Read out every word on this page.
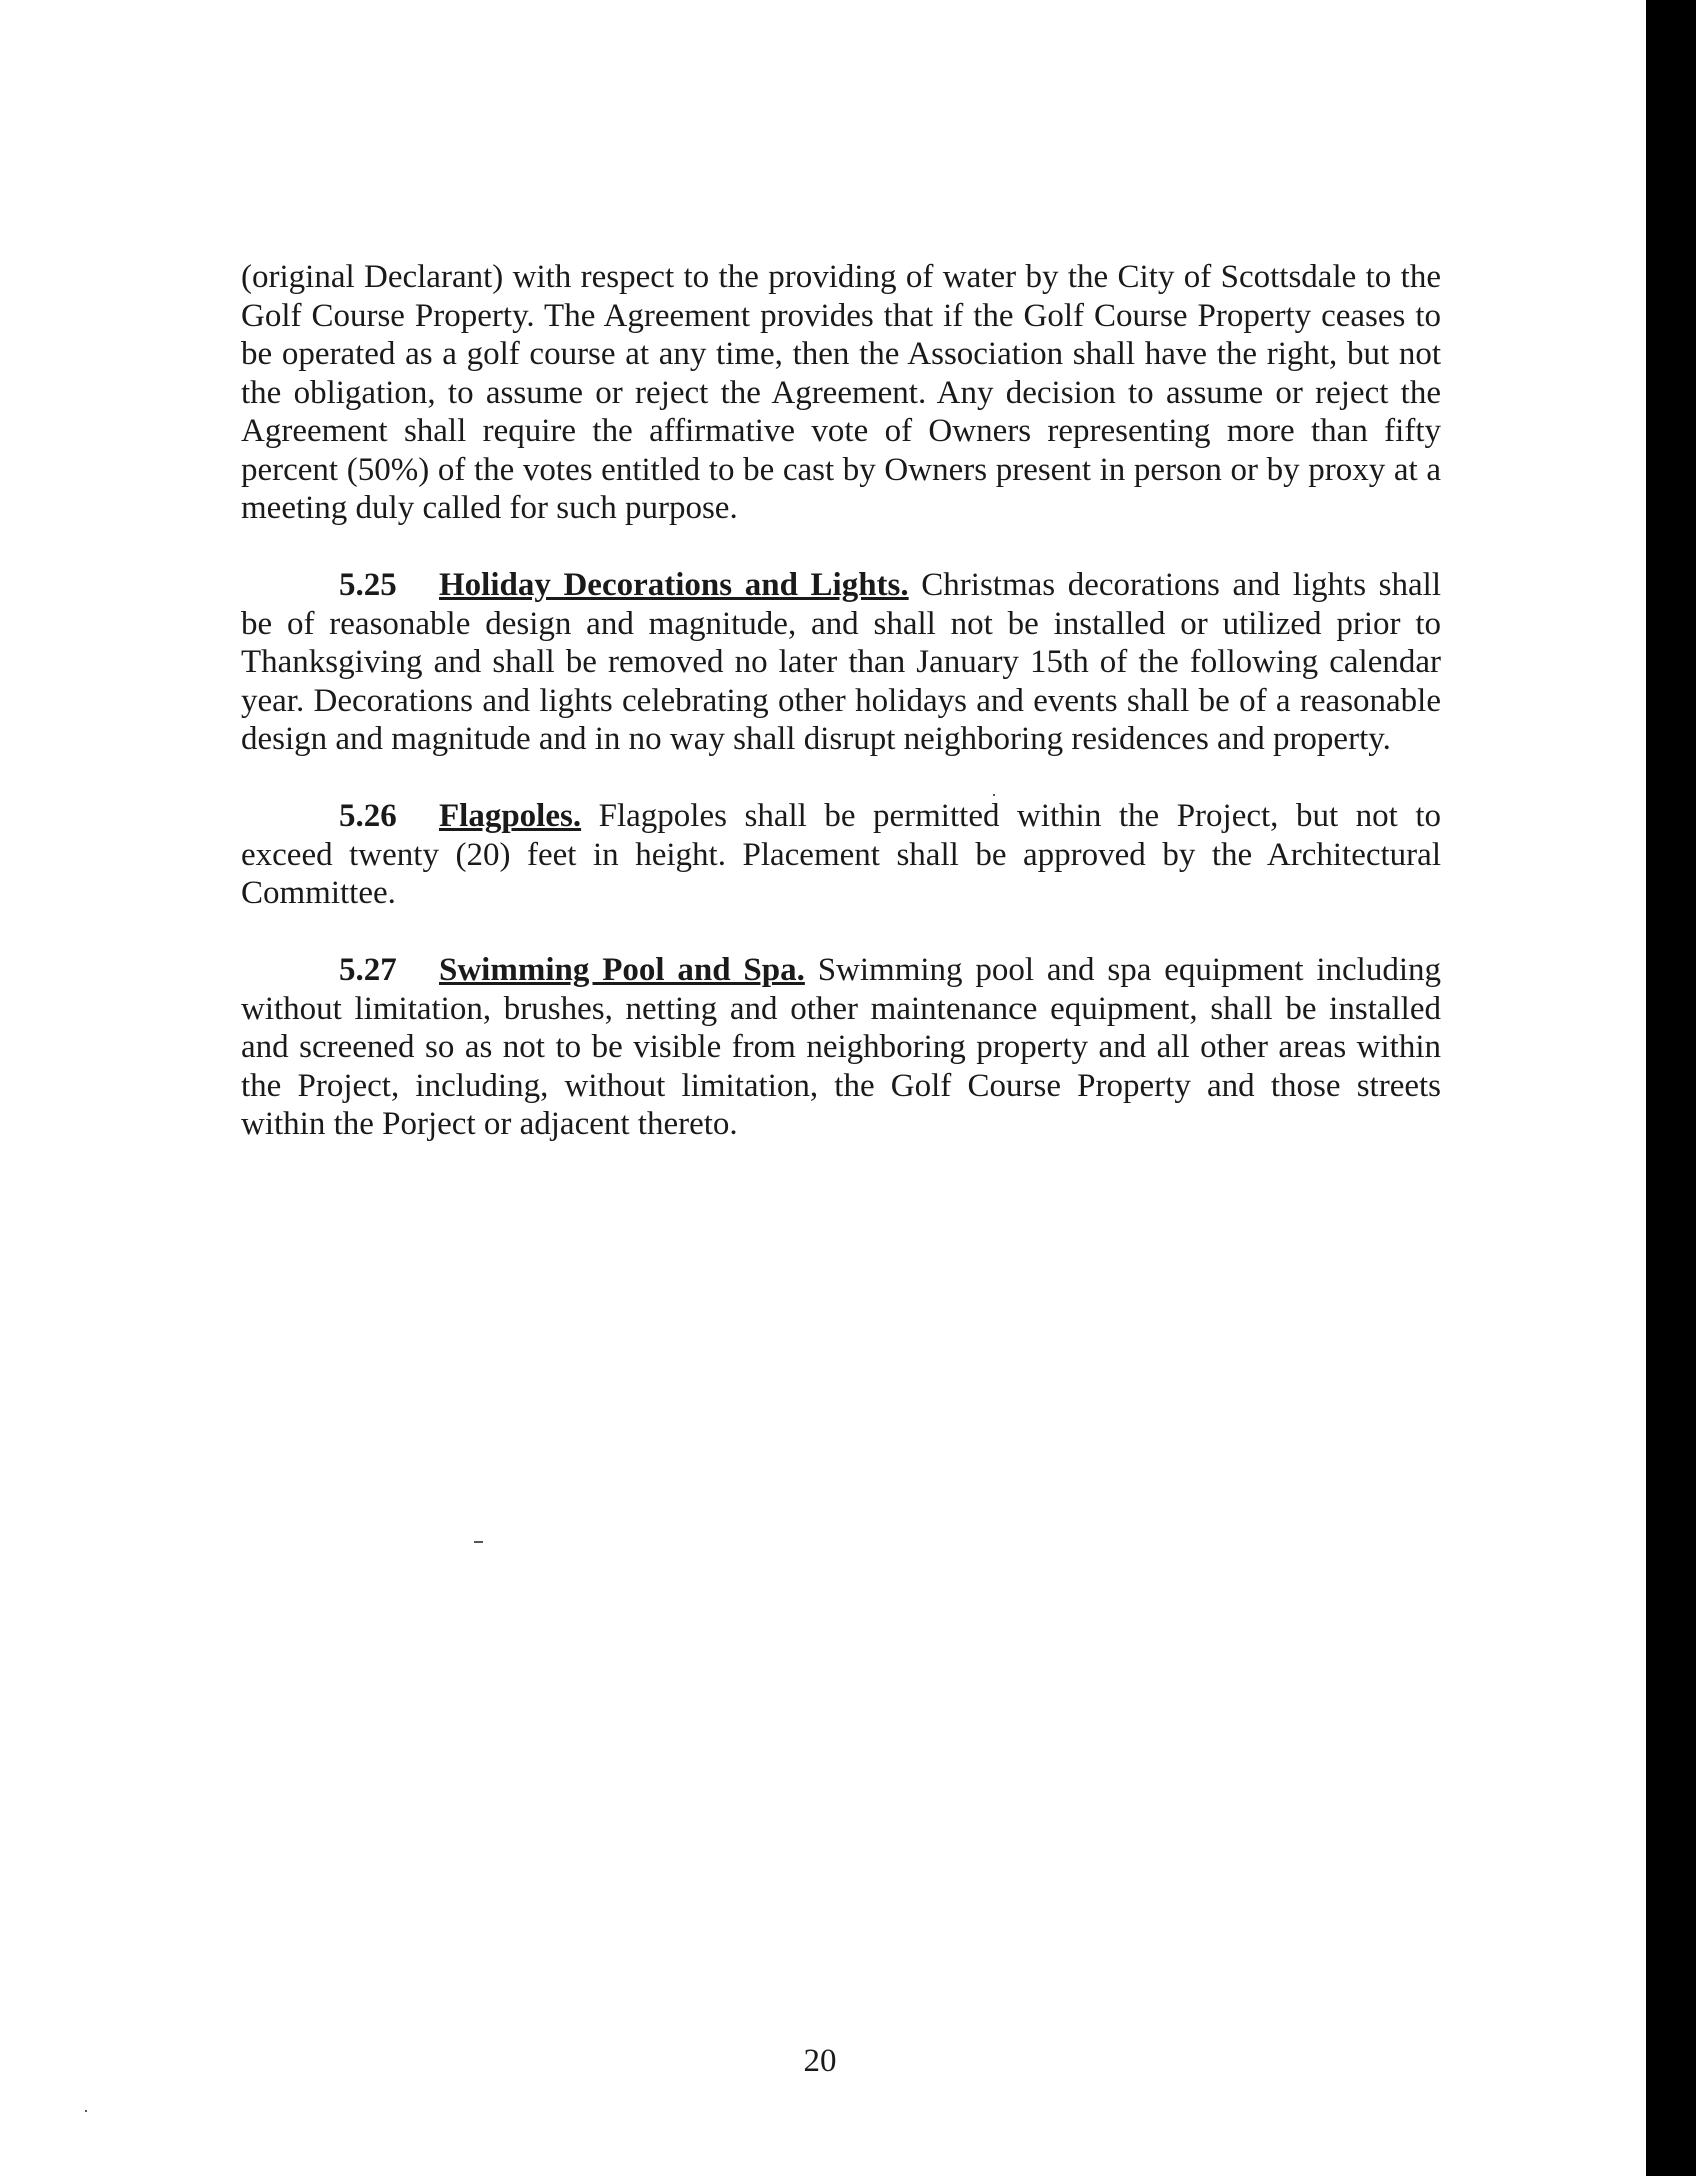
(original Declarant) with respect to the providing of water by the City of Scottsdale to the Golf Course Property. The Agreement provides that if the Golf Course Property ceases to be operated as a golf course at any time, then the Association shall have the right, but not the obligation, to assume or reject the Agreement. Any decision to assume or reject the Agreement shall require the affirmative vote of Owners representing more than fifty percent (50%) of the votes entitled to be cast by Owners present in person or by proxy at a meeting duly called for such purpose.

5.25 Holiday Decorations and Lights. Christmas decorations and lights shall be of reasonable design and magnitude, and shall not be installed or utilized prior to Thanksgiving and shall be removed no later than January 15th of the following calendar year. Decorations and lights celebrating other holidays and events shall be of a reasonable design and magnitude and in no way shall disrupt neighboring residences and property.

5.26 Flagpoles. Flagpoles shall be permitted within the Project, but not to exceed twenty (20) feet in height. Placement shall be approved by the Architectural Committee.

5.27 Swimming Pool and Spa. Swimming pool and spa equipment including without limitation, brushes, netting and other maintenance equipment, shall be installed and screened so as not to be visible from neighboring property and all other areas within the Project, including, without limitation, the Golf Course Property and those streets within the Porject or adjacent thereto.

20
